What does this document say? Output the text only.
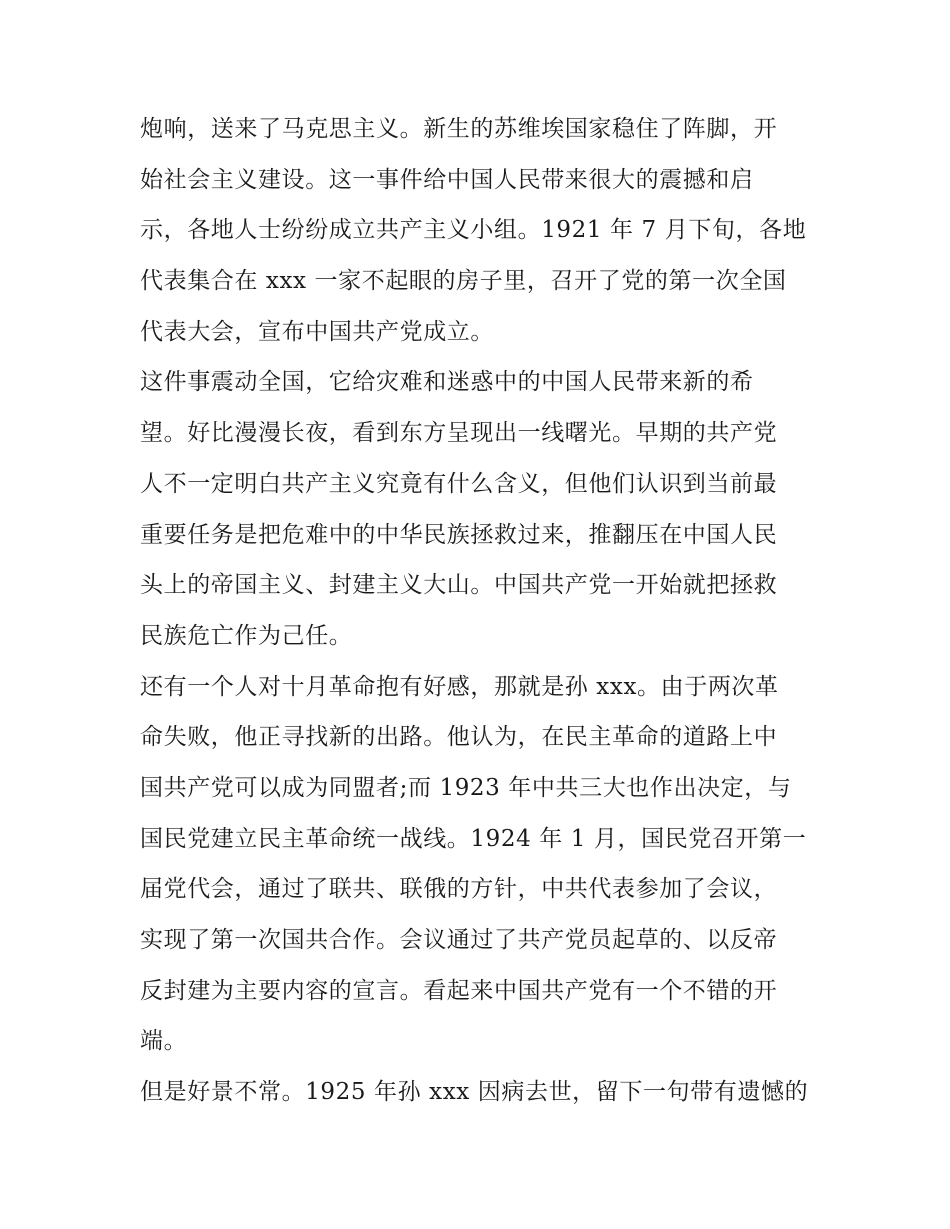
炮响，送来了马克思主义。新生的苏维埃国家稳住了阵脚，开
始社会主义建设。这一事件给中国人民带来很大的震撼和启
示，各地人士纷纷成立共产主义小组。1921 年 7 月下旬，各地
代表集合在 xxx 一家不起眼的房子里，召开了党的第一次全国
代表大会，宣布中国共产党成立。
这件事震动全国，它给灾难和迷惑中的中国人民带来新的希
望。好比漫漫长夜，看到东方呈现出一线曙光。早期的共产党
人不一定明白共产主义究竟有什么含义，但他们认识到当前最
重要任务是把危难中的中华民族拯救过来，推翻压在中国人民
头上的帝国主义、封建主义大山。中国共产党一开始就把拯救
民族危亡作为己任。
还有一个人对十月革命抱有好感，那就是孙 xxx。由于两次革
命失败，他正寻找新的出路。他认为，在民主革命的道路上中
国共产党可以成为同盟者;而 1923 年中共三大也作出决定，与
国民党建立民主革命统一战线。1924 年 1 月，国民党召开第一
届党代会，通过了联共、联俄的方针，中共代表参加了会议，
实现了第一次国共合作。会议通过了共产党员起草的、以反帝
反封建为主要内容的宣言。看起来中国共产党有一个不错的开
端。
但是好景不常。1925 年孙 xxx 因病去世，留下一句带有遗憾的
